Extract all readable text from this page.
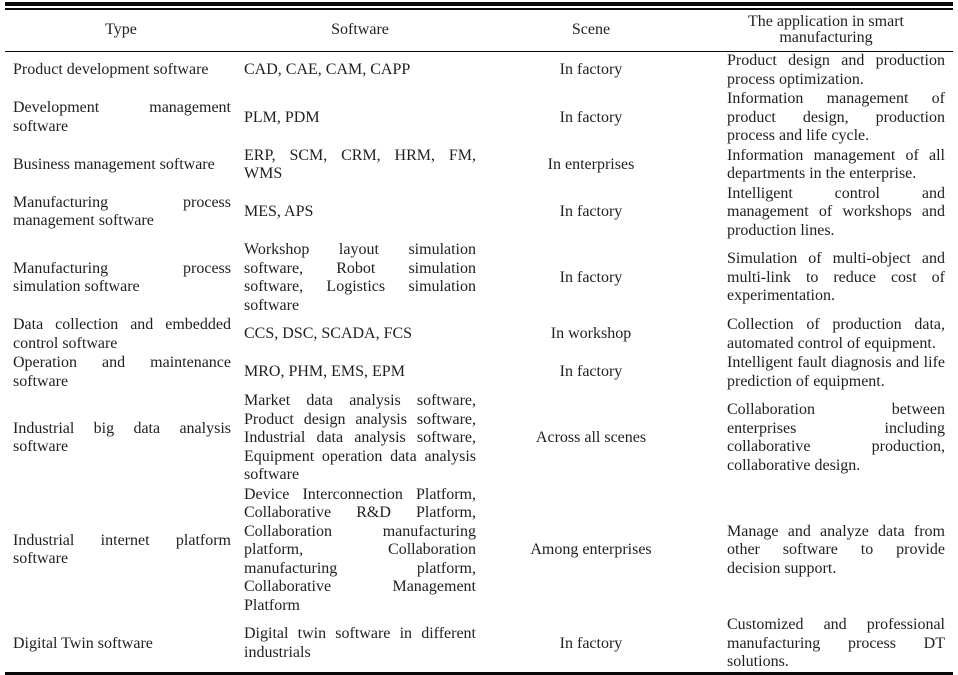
Type	Software	Scene	The application in smart manufacturing
Product development software	CAD, CAE, CAM, CAPP	In factory	Product design and production process optimization.
Development management software	PLM, PDM	In factory	Information management of product design, production process and life cycle.
Business management software	ERP, SCM, CRM, HRM, FM, WMS	In enterprises	Information management of all departments in the enterprise.
Manufacturing process management software	MES, APS	In factory	Intelligent control and management of workshops and production lines.
Manufacturing process simulation software	Workshop layout simulation software, Robot simulation software, Logistics simulation software	In factory	Simulation of multi-object and multi-link to reduce cost of experimentation.
Data collection and embedded control software	CCS, DSC, SCADA, FCS	In workshop	Collection of production data, automated control of equipment.
Operation and maintenance software	MRO, PHM, EMS, EPM	In factory	Intelligent fault diagnosis and life prediction of equipment.
Industrial big data analysis software	Market data analysis software, Product design analysis software, Industrial data analysis software, Equipment operation data analysis software	Across all scenes	Collaboration between enterprises including collaborative production, collaborative design.
Industrial internet platform software	Device Interconnection Platform, Collaborative R&D Platform, Collaboration manufacturing platform, Collaboration manufacturing platform, Collaborative Management Platform	Among enterprises	Manage and analyze data from other software to provide decision support.
Digital Twin software	Digital twin software in different industrials	In factory	Customized and professional manufacturing process DT solutions.
